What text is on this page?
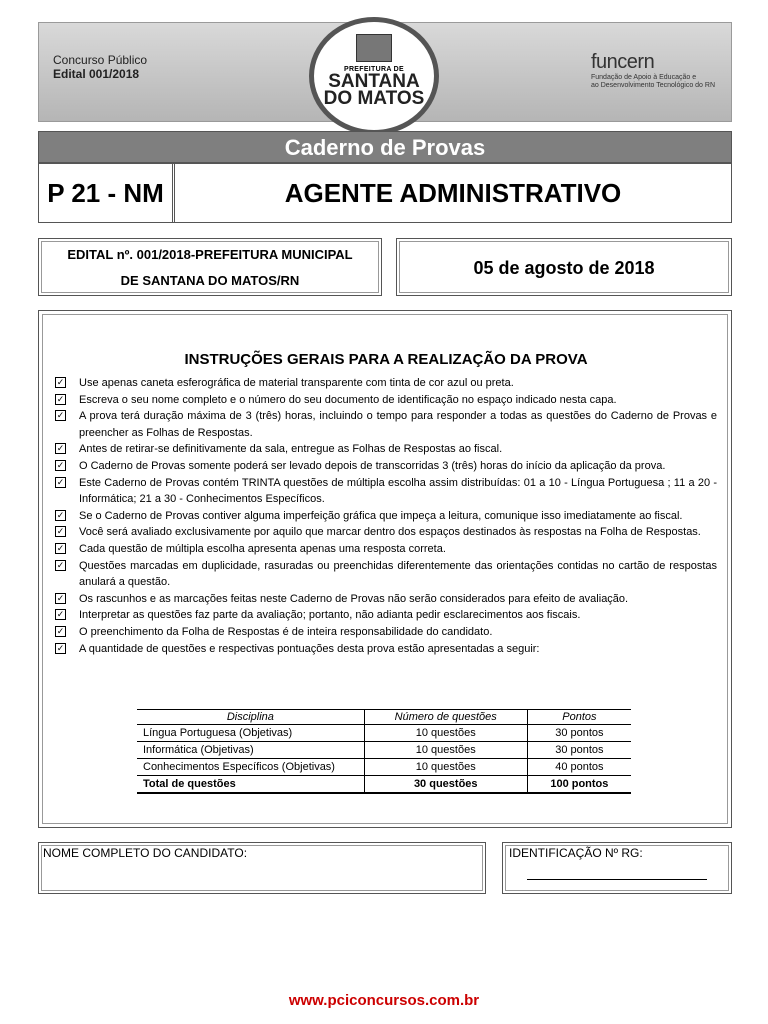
Concurso Público
Edital 001/2018	PREFEITURA DE
SANTANA
DO MATOS
funcern
Fundação de Apoio à Educação e
ao Desenvolvimento Tecnológico do RN
Caderno de Provas
P 21 - NM	AGENTE ADMINISTRATIVO
EDITAL nº. 001/2018-PREFEITURA MUNICIPAL
DE SANTANA DO MATOS/RN
05 de agosto de 2018
INSTRUÇÕES GERAIS PARA A REALIZAÇÃO DA PROVA
✓ Use apenas caneta esferográfica de material transparente com tinta de cor azul ou preta.
✓ Escreva o seu nome completo e o número do seu documento de identificação no espaço indicado nesta capa.
✓ A prova terá duração máxima de 3 (três) horas, incluindo o tempo para responder a todas as questões do Caderno de Provas e preencher as Folhas de Respostas.
✓ Antes de retirar-se definitivamente da sala, entregue as Folhas de Respostas ao fiscal.
✓ O Caderno de Provas somente poderá ser levado depois de transcorridas 3 (três) horas do início da aplicação da prova.
✓ Este Caderno de Provas contém TRINTA questões de múltipla escolha assim distribuídas: 01 a 10 - Língua Portuguesa ; 11 a 20 - Informática; 21 a 30 - Conhecimentos Específicos.
✓ Se o Caderno de Provas contiver alguma imperfeição gráfica que impeça a leitura, comunique isso imediatamente ao fiscal.
✓ Você será avaliado exclusivamente por aquilo que marcar dentro dos espaços destinados às respostas na Folha de Respostas.
✓ Cada questão de múltipla escolha apresenta apenas uma resposta correta.
✓ Questões marcadas em duplicidade, rasuradas ou preenchidas diferentemente das orientações contidas no cartão de respostas anulará a questão.
✓ Os rascunhos e as marcações feitas neste Caderno de Provas não serão considerados para efeito de avaliação.
✓ Interpretar as questões faz parte da avaliação; portanto, não adianta pedir esclarecimentos aos fiscais.
✓ O preenchimento da Folha de Respostas é de inteira responsabilidade do candidato.
✓ A quantidade de questões e respectivas pontuações desta prova estão apresentadas a seguir:
Disciplina	Número de questões	Pontos
Língua Portuguesa (Objetivas)	10 questões	30 pontos
Informática (Objetivas)	10 questões	30 pontos
Conhecimentos Específicos (Objetivas)	10 questões	40 pontos
Total de questões	30 questões	100 pontos
NOME COMPLETO DO CANDIDATO:	IDENTIFICAÇÃO Nº RG:
www.pciconcursos.com.br
